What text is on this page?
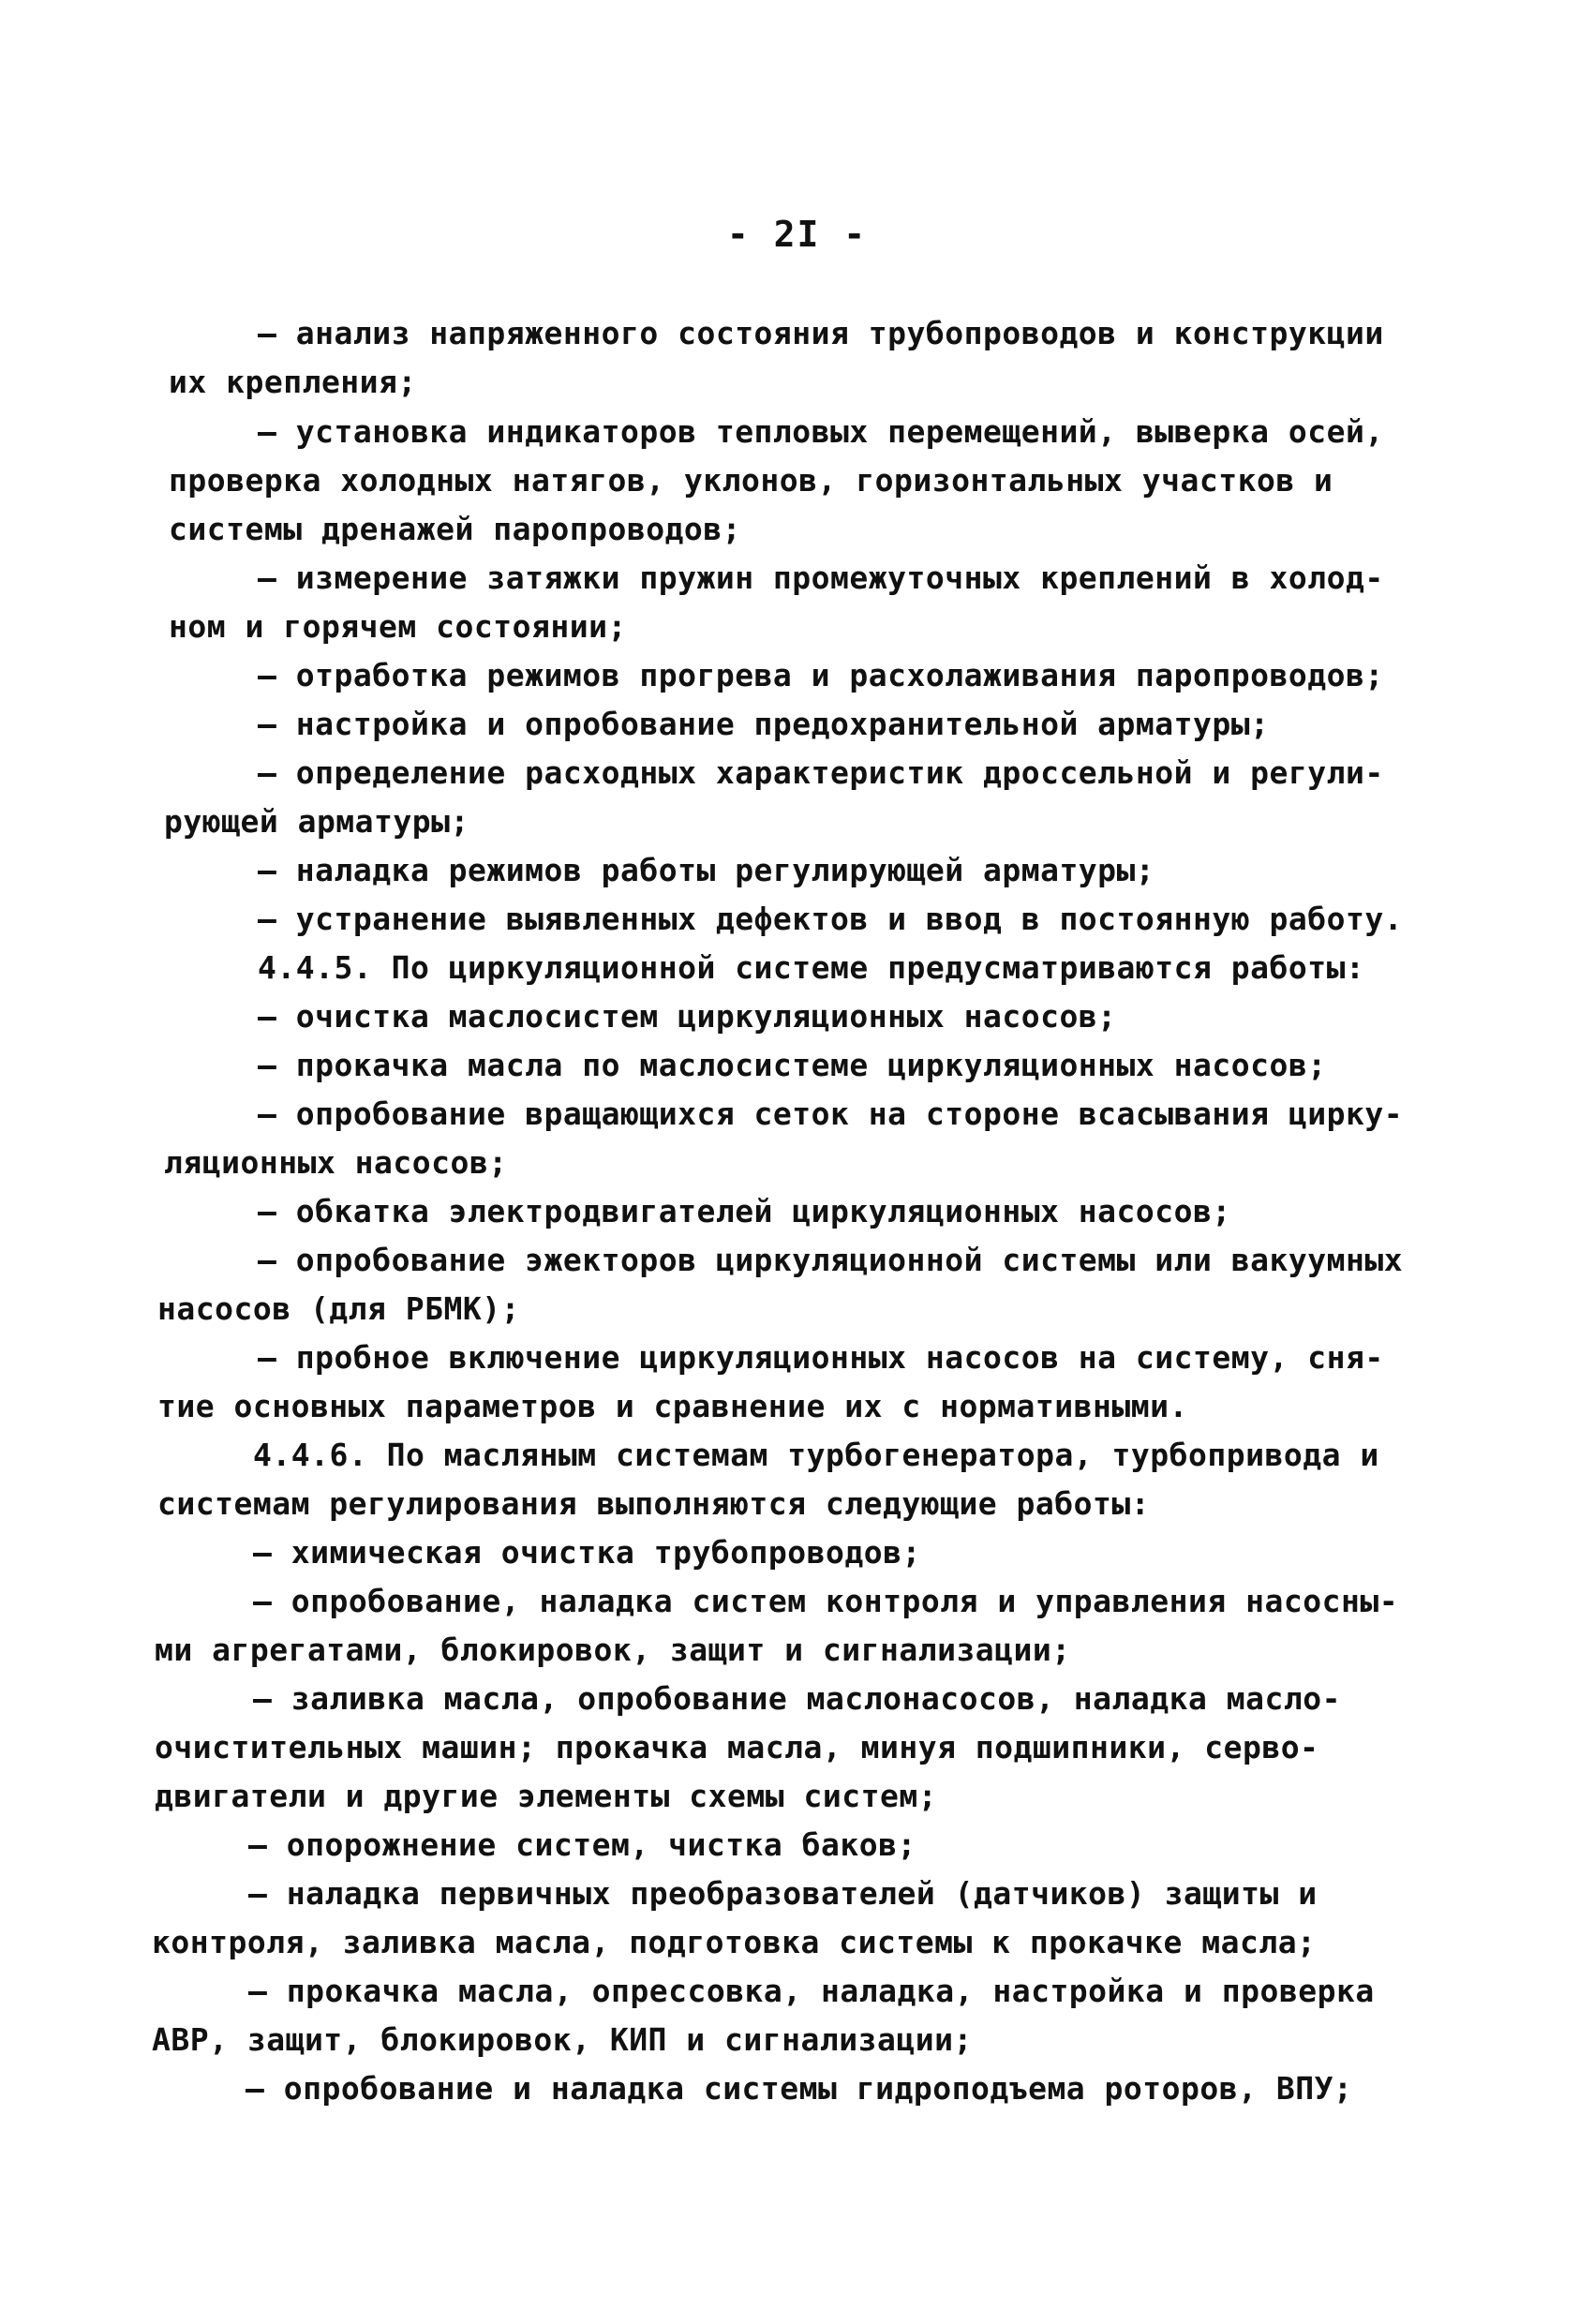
- 2I -
– анализ напряженного состояния трубопроводов и конструкции
их крепления;
– установка индикаторов тепловых перемещений, выверка осей,
проверка холодных натягов, уклонов, горизонтальных участков и
системы дренажей паропроводов;
– измерение затяжки пружин промежуточных креплений в холод-
ном и горячем состоянии;
– отработка режимов прогрева и расхолаживания паропроводов;
– настройка и опробование предохранительной арматуры;
– определение расходных характеристик дроссельной и регули-
рующей арматуры;
– наладка режимов работы регулирующей арматуры;
– устранение выявленных дефектов и ввод в постоянную работу.
4.4.5. По циркуляционной системе предусматриваются работы:
– очистка маслосистем циркуляционных насосов;
– прокачка масла по маслосистеме циркуляционных насосов;
– опробование вращающихся сеток на стороне всасывания цирку-
ляционных насосов;
– обкатка электродвигателей циркуляционных насосов;
– опробование эжекторов циркуляционной системы или вакуумных
насосов (для РБМК);
– пробное включение циркуляционных насосов на систему, сня-
тие основных параметров и сравнение их с нормативными.
4.4.6. По масляным системам турбогенератора, турбопривода и
системам регулирования выполняются следующие работы:
– химическая очистка трубопроводов;
– опробование, наладка систем контроля и управления насосны-
ми агрегатами, блокировок, защит и сигнализации;
– заливка масла, опробование маслонасосов, наладка масло-
очистительных машин; прокачка масла, минуя подшипники, серво-
двигатели и другие элементы схемы систем;
– опорожнение систем, чистка баков;
– наладка первичных преобразователей (датчиков) защиты и
контроля, заливка масла, подготовка системы к прокачке масла;
– прокачка масла, опрессовка, наладка, настройка и проверка
АВР, защит, блокировок, КИП и сигнализации;
– опробование и наладка системы гидроподъема роторов, ВПУ;
